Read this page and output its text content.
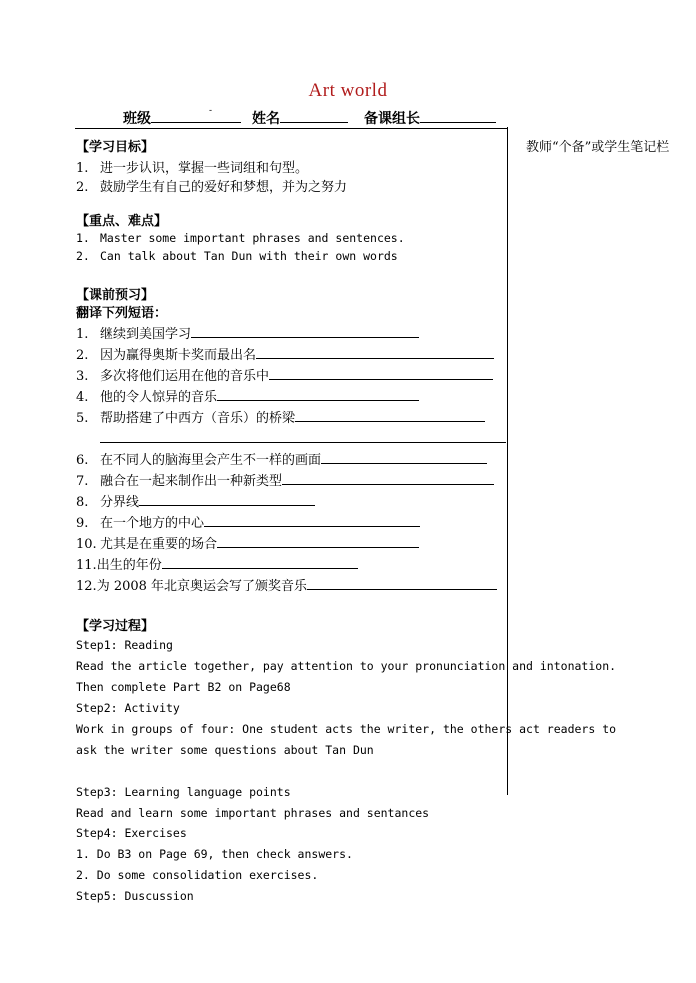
Art world
班级	-	姓名	备课组长
教师“个备”或学生笔记栏
【学习目标】
1. 进一步认识，掌握一些词组和句型。
2. 鼓励学生有自己的爱好和梦想，并为之努力
【重点、难点】
1. Master some important phrases and sentences.
2. Can talk about Tan Dun with their own words
【课前预习】
翻译下列短语：
1. 继续到美国学习
2. 因为赢得奥斯卡奖而最出名
3. 多次将他们运用在他的音乐中
4. 他的令人惊异的音乐
5. 帮助搭建了中西方（音乐）的桥梁
6. 在不同人的脑海里会产生不一样的画面
7. 融合在一起来制作出一种新类型
8. 分界线
9. 在一个地方的中心
10. 尤其是在重要的场合
11.出生的年份
12.为 2008 年北京奥运会写了颁奖音乐
【学习过程】
Step1: Reading
Read the article together, pay attention to your pronunciation and intonation.
Then complete Part B2 on Page68
Step2: Activity
Work in groups of four: One student acts the writer, the others act readers to
ask the writer some questions about Tan Dun
Step3: Learning language points
Read and learn some important phrases and sentances
Step4: Exercises
1. Do B3 on Page 69, then check answers.
2. Do some consolidation exercises.
Step5: Duscussion
